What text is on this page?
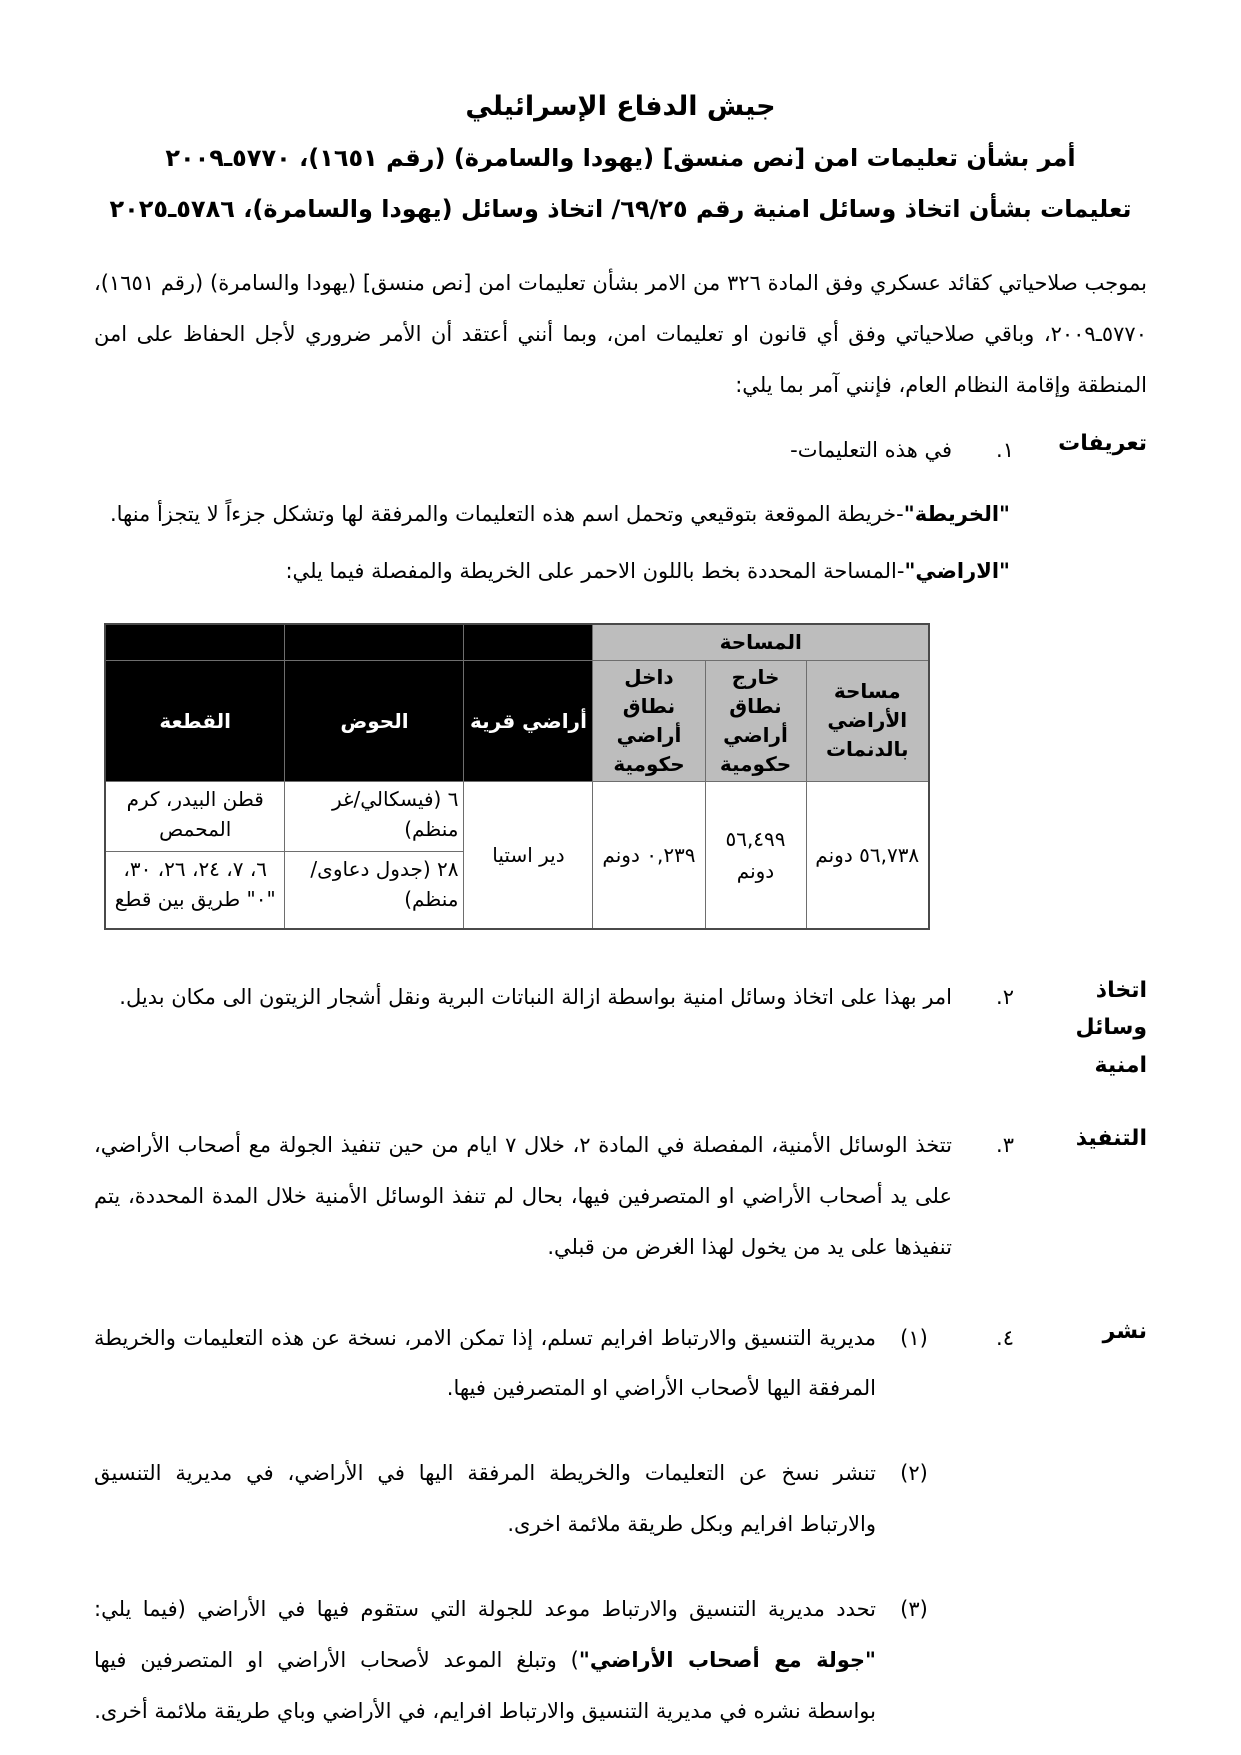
جيش الدفاع الإسرائيلي
أمر بشأن تعليمات امن [نص منسق] (يهودا والسامرة) (رقم ١٦٥١)، ٥٧٧٠ـ٢٠٠٩
تعليمات بشأن اتخاذ وسائل امنية رقم ٦٩/٢٥/ اتخاذ وسائل (يهودا والسامرة)، ٥٧٨٦ـ٢٠٢٥

بموجب صلاحياتي كقائد عسكري وفق المادة ٣٢٦ من الامر بشأن تعليمات امن [نص منسق] (يهودا والسامرة) (رقم ١٦٥١)، ٥٧٧٠ـ٢٠٠٩، وباقي صلاحياتي وفق أي قانون او تعليمات امن، وبما أنني أعتقد أن الأمر ضروري لأجل الحفاظ على امن المنطقة وإقامة النظام العام، فإنني آمر بما يلي:

تعريفات
١.
في هذه التعليمات-

"الخريطة"-خريطة الموقعة بتوقيعي وتحمل اسم هذه التعليمات والمرفقة لها وتشكل جزءاً لا يتجزأ منها.

"الاراضي"-المساحة المحددة بخط باللون الاحمر على الخريطة والمفصلة فيما يلي:

المساحة					
مساحة الأراضي بالدنمات	خارج نطاق أراضي حكومية	داخل نطاق أراضي حكومية	أراضي قرية	الحوض	القطعة
٥٦,٧٣٨ دونم	٥٦,٤٩٩ دونم	٠,٢٣٩ دونم	دير استيا	٦ (فيسكالي/غر منظم)	قطن البيدر، كرم المحمص
				٢٨ (جدول دعاوى/ منظم)	٦، ٧، ٢٤، ٢٦، ٣٠، "٠" طريق بين قطع
اتخاذ وسائل امنية
٢.
امر بهذا على اتخاذ وسائل امنية بواسطة ازالة النباتات البرية ونقل أشجار الزيتون الى مكان بديل.
التنفيذ
٣.
تتخذ الوسائل الأمنية، المفصلة في المادة ٢، خلال ٧ ايام من حين تنفيذ الجولة مع أصحاب الأراضي، على يد أصحاب الأراضي او المتصرفين فيها، بحال لم تنفذ الوسائل الأمنية خلال المدة المحددة، يتم تنفيذها على يد من يخول لهذا الغرض من قبلي.
نشر
٤.
(١)
مديرية التنسيق والارتباط افرايم تسلم، إذا تمكن الامر، نسخة عن هذه التعليمات والخريطة المرفقة اليها لأصحاب الأراضي او المتصرفين فيها.
(٢)
تنشر نسخ عن التعليمات والخريطة المرفقة اليها في الأراضي، في مديرية التنسيق والارتباط افرايم وبكل طريقة ملائمة اخرى.
(٣)
تحدد مديرية التنسيق والارتباط موعد للجولة التي ستقوم فيها في الأراضي (فيما يلي: "جولة مع أصحاب الأراضي") وتبلغ الموعد لأصحاب الأراضي او المتصرفين فيها بواسطة نشره في مديرية التنسيق والارتباط افرايم، في الأراضي وباي طريقة ملائمة أخرى.
